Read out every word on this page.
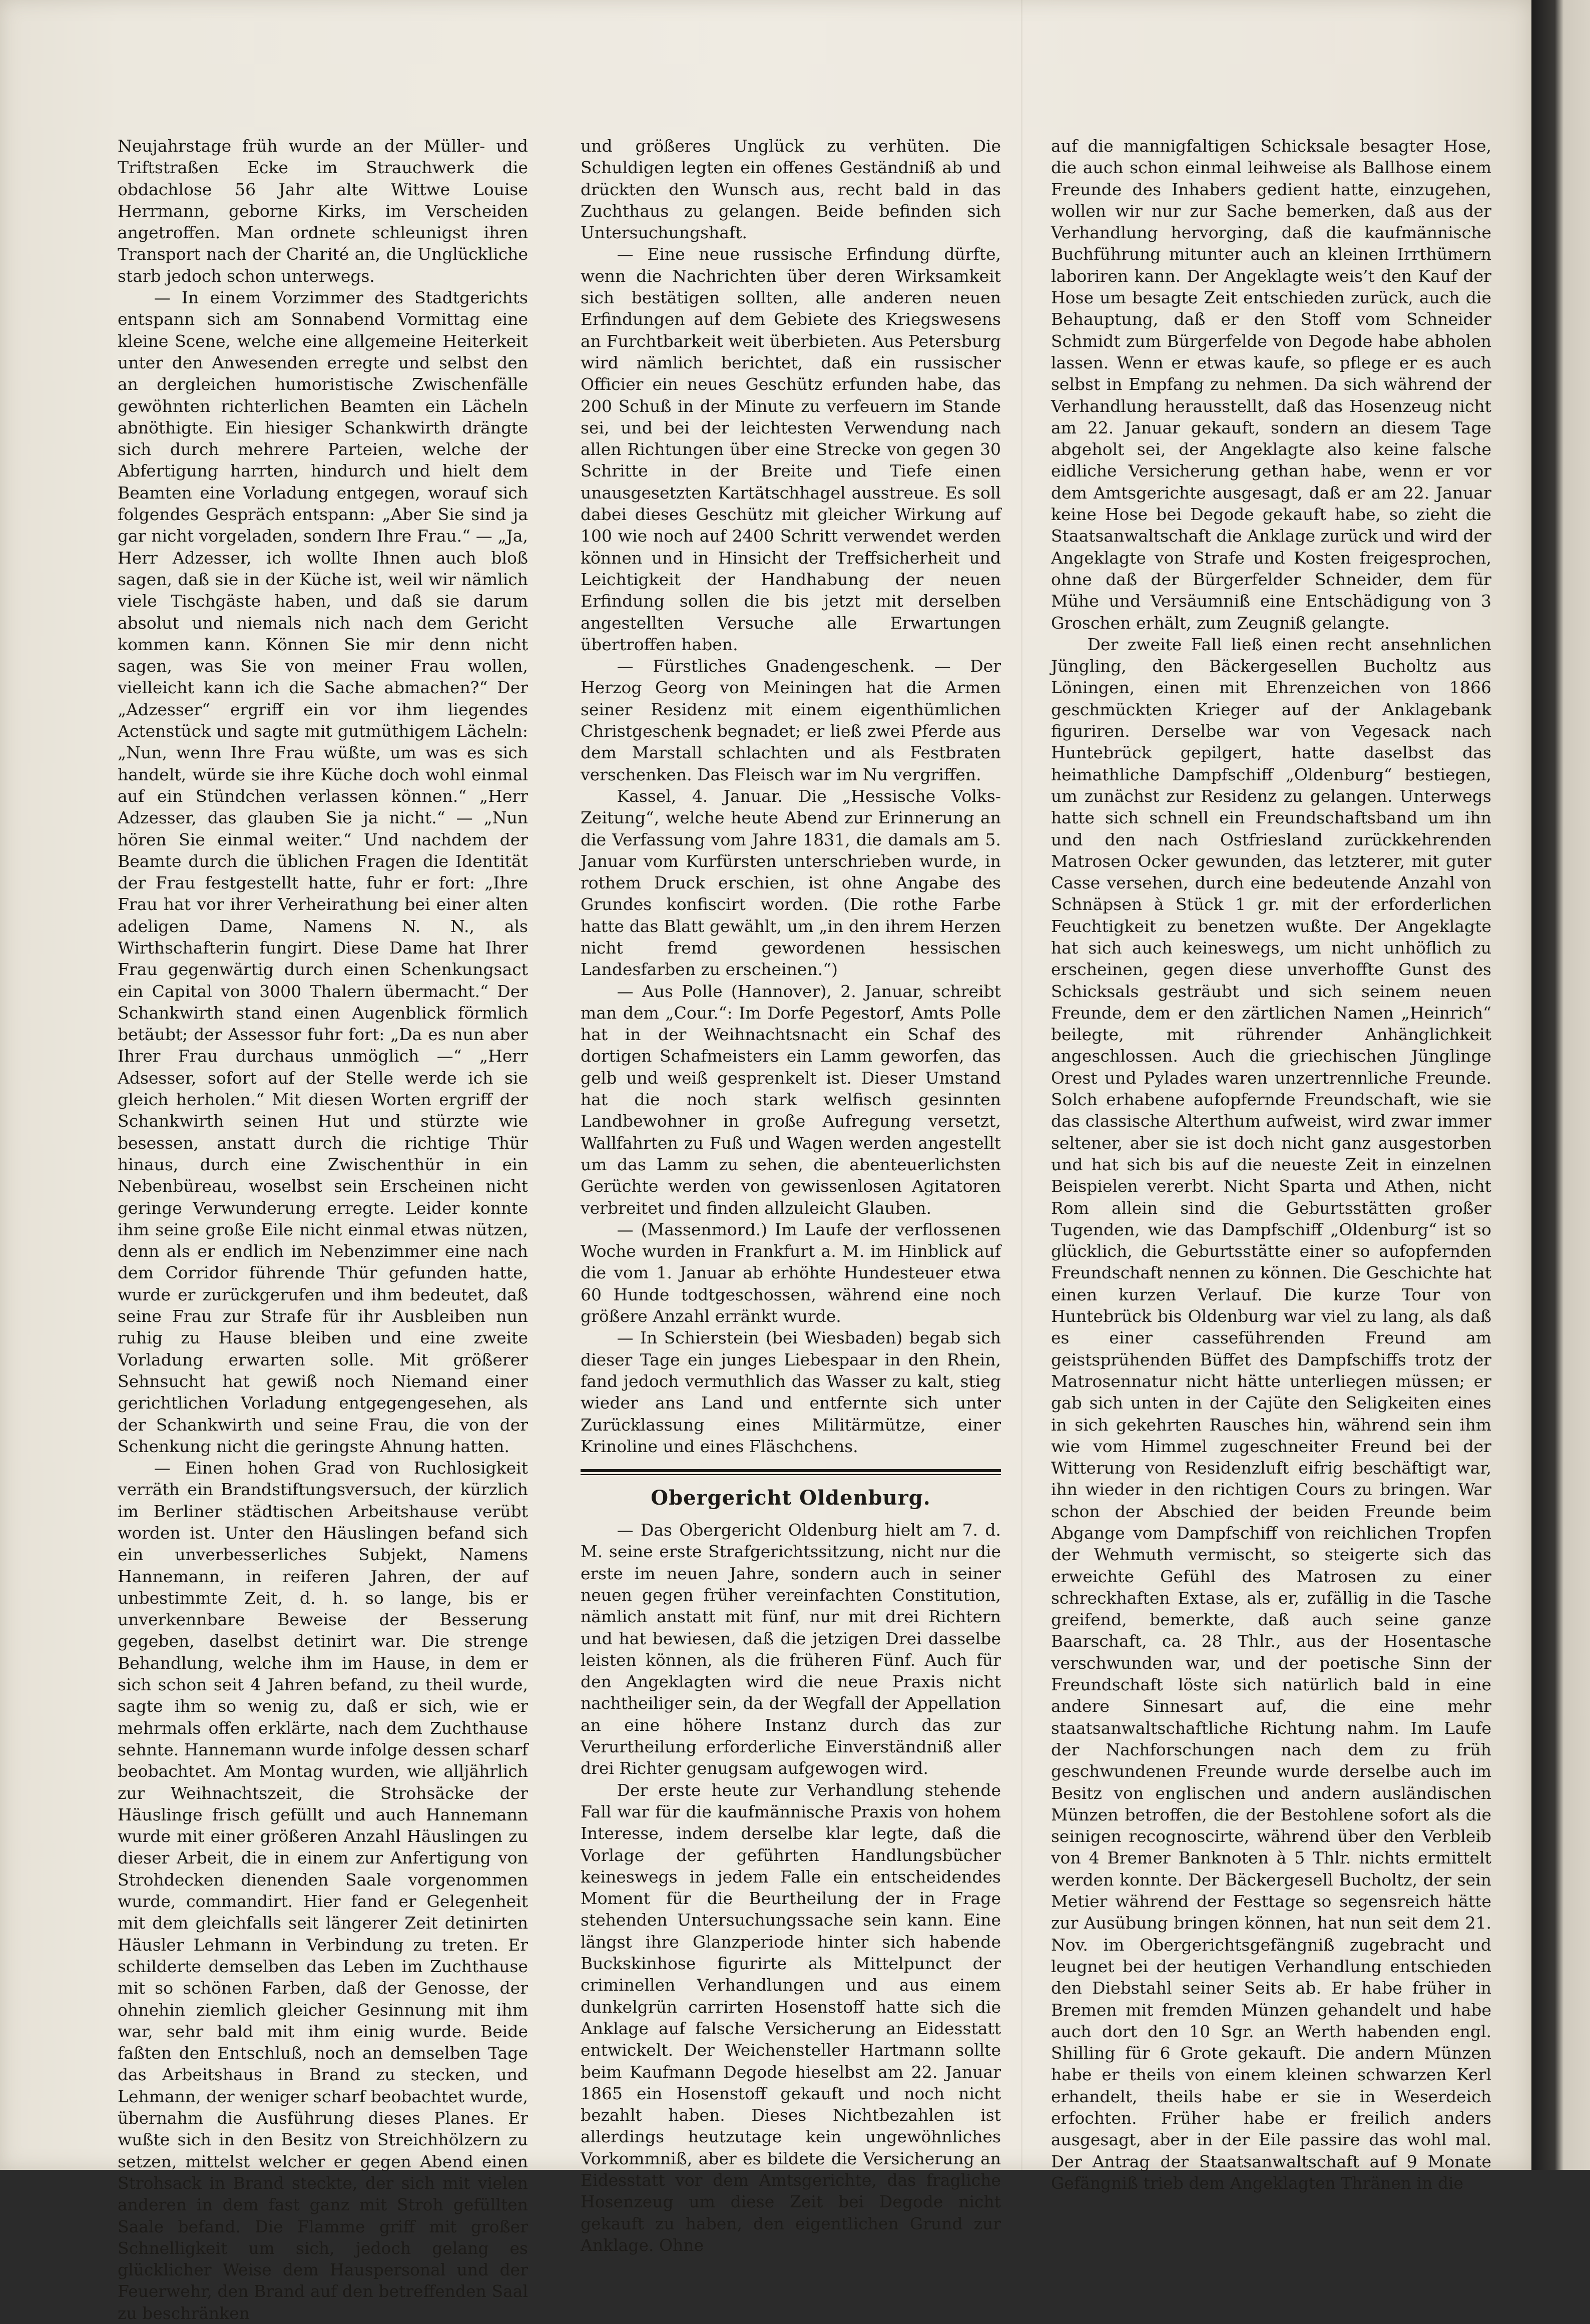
Neujahrstage früh wurde an der Müller- und Triftstraßen Ecke im Strauchwerk die obdachlose 56 Jahr alte Wittwe Louise Herrmann, geborne Kirks, im Verscheiden angetroffen. Man ordnete schleunigst ihren Transport nach der Charité an, die Unglückliche starb jedoch schon unterwegs.

— In einem Vorzimmer des Stadtgerichts entspann sich am Sonnabend Vormittag eine kleine Scene, welche eine allgemeine Heiterkeit unter den Anwesenden erregte und selbst den an dergleichen humoristische Zwischenfälle gewöhnten richterlichen Beamten ein Lächeln abnöthigte. Ein hiesiger Schankwirth drängte sich durch mehrere Parteien, welche der Abfertigung harrten, hindurch und hielt dem Beamten eine Vorladung entgegen, worauf sich folgendes Gespräch entspann: „Aber Sie sind ja gar nicht vorgeladen, sondern Ihre Frau.“ — „Ja, Herr Adzesser, ich wollte Ihnen auch bloß sagen, daß sie in der Küche ist, weil wir nämlich viele Tischgäste haben, und daß sie darum absolut und niemals nich nach dem Gericht kommen kann. Können Sie mir denn nicht sagen, was Sie von meiner Frau wollen, vielleicht kann ich die Sache abmachen?“ Der „Adzesser“ ergriff ein vor ihm liegendes Actenstück und sagte mit gutmüthigem Lächeln: „Nun, wenn Ihre Frau wüßte, um was es sich handelt, würde sie ihre Küche doch wohl einmal auf ein Stündchen verlassen können.“ „Herr Adzesser, das glauben Sie ja nicht.“ — „Nun hören Sie einmal weiter.“ Und nachdem der Beamte durch die üblichen Fragen die Identität der Frau festgestellt hatte, fuhr er fort: „Ihre Frau hat vor ihrer Verheirathung bei einer alten adeligen Dame, Namens N. N., als Wirthschafterin fungirt. Diese Dame hat Ihrer Frau gegenwärtig durch einen Schenkungsact ein Capital von 3000 Thalern übermacht.“ Der Schankwirth stand einen Augenblick förmlich betäubt; der Assessor fuhr fort: „Da es nun aber Ihrer Frau durchaus unmöglich —“ „Herr Adsesser, sofort auf der Stelle werde ich sie gleich herholen.“ Mit diesen Worten ergriff der Schankwirth seinen Hut und stürzte wie besessen, anstatt durch die richtige Thür hinaus, durch eine Zwischenthür in ein Nebenbüreau, woselbst sein Erscheinen nicht geringe Verwunderung erregte. Leider konnte ihm seine große Eile nicht einmal etwas nützen, denn als er endlich im Nebenzimmer eine nach dem Corridor führende Thür gefunden hatte, wurde er zurückgerufen und ihm bedeutet, daß seine Frau zur Strafe für ihr Ausbleiben nun ruhig zu Hause bleiben und eine zweite Vorladung erwarten solle. Mit größerer Sehnsucht hat gewiß noch Niemand einer gerichtlichen Vorladung entgegengesehen, als der Schankwirth und seine Frau, die von der Schenkung nicht die geringste Ahnung hatten.

— Einen hohen Grad von Ruchlosigkeit verräth ein Brandstiftungsversuch, der kürzlich im Berliner städtischen Arbeitshause verübt worden ist. Unter den Häuslingen befand sich ein unverbesserliches Subjekt, Namens Hannemann, in reiferen Jahren, der auf unbestimmte Zeit, d. h. so lange, bis er unverkennbare Beweise der Besserung gegeben, daselbst detinirt war. Die strenge Behandlung, welche ihm im Hause, in dem er sich schon seit 4 Jahren befand, zu theil wurde, sagte ihm so wenig zu, daß er sich, wie er mehrmals offen erklärte, nach dem Zuchthause sehnte. Hannemann wurde infolge dessen scharf beobachtet. Am Montag wurden, wie alljährlich zur Weihnachtszeit, die Strohsäcke der Häuslinge frisch gefüllt und auch Hannemann wurde mit einer größeren Anzahl Häuslingen zu dieser Arbeit, die in einem zur Anfertigung von Strohdecken dienenden Saale vorgenommen wurde, commandirt. Hier fand er Gelegenheit mit dem gleichfalls seit längerer Zeit detinirten Häusler Lehmann in Verbindung zu treten. Er schilderte demselben das Leben im Zuchthause mit so schönen Farben, daß der Genosse, der ohnehin ziemlich gleicher Gesinnung mit ihm war, sehr bald mit ihm einig wurde. Beide faßten den Entschluß, noch an demselben Tage das Arbeitshaus in Brand zu stecken, und Lehmann, der weniger scharf beobachtet wurde, übernahm die Ausführung dieses Planes. Er wußte sich in den Besitz von Streichhölzern zu setzen, mittelst welcher er gegen Abend einen Strohsack in Brand steckte, der sich mit vielen anderen in dem fast ganz mit Stroh gefüllten Saale befand. Die Flamme griff mit großer Schnelligkeit um sich, jedoch gelang es glücklicher Weise dem Hauspersonal und der Feuerwehr, den Brand auf den betreffenden Saal zu beschränken

und größeres Unglück zu verhüten. Die Schuldigen legten ein offenes Geständniß ab und drückten den Wunsch aus, recht bald in das Zuchthaus zu gelangen. Beide befinden sich Untersuchungshaft.

— Eine neue russische Erfindung dürfte, wenn die Nachrichten über deren Wirksamkeit sich bestätigen sollten, alle anderen neuen Erfindungen auf dem Gebiete des Kriegswesens an Furchtbarkeit weit überbieten. Aus Petersburg wird nämlich berichtet, daß ein russischer Officier ein neues Geschütz erfunden habe, das 200 Schuß in der Minute zu verfeuern im Stande sei, und bei der leichtesten Verwendung nach allen Richtungen über eine Strecke von gegen 30 Schritte in der Breite und Tiefe einen unausgesetzten Kartätschhagel ausstreue. Es soll dabei dieses Geschütz mit gleicher Wirkung auf 100 wie noch auf 2400 Schritt verwendet werden können und in Hinsicht der Treffsicherheit und Leichtigkeit der Handhabung der neuen Erfindung sollen die bis jetzt mit derselben angestellten Versuche alle Erwartungen übertroffen haben.

— Fürstliches Gnadengeschenk. — Der Herzog Georg von Meiningen hat die Armen seiner Residenz mit einem eigenthümlichen Christgeschenk begnadet; er ließ zwei Pferde aus dem Marstall schlachten und als Festbraten verschenken. Das Fleisch war im Nu vergriffen.

Kassel, 4. Januar. Die „Hessische Volks-Zeitung“, welche heute Abend zur Erinnerung an die Verfassung vom Jahre 1831, die damals am 5. Januar vom Kurfürsten unterschrieben wurde, in rothem Druck erschien, ist ohne Angabe des Grundes konfiscirt worden. (Die rothe Farbe hatte das Blatt gewählt, um „in den ihrem Herzen nicht fremd gewordenen hessischen Landesfarben zu erscheinen.“)

— Aus Polle (Hannover), 2. Januar, schreibt man dem „Cour.“: Im Dorfe Pegestorf, Amts Polle hat in der Weihnachtsnacht ein Schaf des dortigen Schafmeisters ein Lamm geworfen, das gelb und weiß gesprenkelt ist. Dieser Umstand hat die noch stark welfisch gesinnten Landbewohner in große Aufregung versetzt, Wallfahrten zu Fuß und Wagen werden angestellt um das Lamm zu sehen, die abenteuerlichsten Gerüchte werden von gewissenlosen Agitatoren verbreitet und finden allzuleicht Glauben.

— (Massenmord.) Im Laufe der verflossenen Woche wurden in Frankfurt a. M. im Hinblick auf die vom 1. Januar ab erhöhte Hundesteuer etwa 60 Hunde todtgeschossen, während eine noch größere Anzahl erränkt wurde.

— In Schierstein (bei Wiesbaden) begab sich dieser Tage ein junges Liebespaar in den Rhein, fand jedoch vermuthlich das Wasser zu kalt, stieg wieder ans Land und entfernte sich unter Zurücklassung eines Militärmütze, einer Krinoline und eines Fläschchens.

Obergericht Oldenburg.

— Das Obergericht Oldenburg hielt am 7. d. M. seine erste Strafgerichtssitzung, nicht nur die erste im neuen Jahre, sondern auch in seiner neuen gegen früher vereinfachten Constitution, nämlich anstatt mit fünf, nur mit drei Richtern und hat bewiesen, daß die jetzigen Drei dasselbe leisten können, als die früheren Fünf. Auch für den Angeklagten wird die neue Praxis nicht nachtheiliger sein, da der Wegfall der Appellation an eine höhere Instanz durch das zur Verurtheilung erforderliche Einverständniß aller drei Richter genugsam aufgewogen wird.

Der erste heute zur Verhandlung stehende Fall war für die kaufmännische Praxis von hohem Interesse, indem derselbe klar legte, daß die Vorlage der geführten Handlungsbücher keineswegs in jedem Falle ein entscheidendes Moment für die Beurtheilung der in Frage stehenden Untersuchungssache sein kann. Eine längst ihre Glanzperiode hinter sich habende Buckskinhose figurirte als Mittelpunct der criminellen Verhandlungen und aus einem dunkelgrün carrirten Hosenstoff hatte sich die Anklage auf falsche Versicherung an Eidesstatt entwickelt. Der Weichensteller Hartmann sollte beim Kaufmann Degode hieselbst am 22. Januar 1865 ein Hosenstoff gekauft und noch nicht bezahlt haben. Dieses Nichtbezahlen ist allerdings heutzutage kein ungewöhnliches Vorkommniß, aber es bildete die Versicherung an Eidesstatt vor dem Amtsgerichte, das fragliche Hosenzeug um diese Zeit bei Degode nicht gekauft zu haben, den eigentlichen Grund zur Anklage. Ohne

auf die mannigfaltigen Schicksale besagter Hose, die auch schon einmal leihweise als Ballhose einem Freunde des Inhabers gedient hatte, einzugehen, wollen wir nur zur Sache bemerken, daß aus der Verhandlung hervorging, daß die kaufmännische Buchführung mitunter auch an kleinen Irrthümern laboriren kann. Der Angeklagte weis’t den Kauf der Hose um besagte Zeit entschieden zurück, auch die Behauptung, daß er den Stoff vom Schneider Schmidt zum Bürgerfelde von Degode habe abholen lassen. Wenn er etwas kaufe, so pflege er es auch selbst in Empfang zu nehmen. Da sich während der Verhandlung herausstellt, daß das Hosenzeug nicht am 22. Januar gekauft, sondern an diesem Tage abgeholt sei, der Angeklagte also keine falsche eidliche Versicherung gethan habe, wenn er vor dem Amtsgerichte ausgesagt, daß er am 22. Januar keine Hose bei Degode gekauft habe, so zieht die Staatsanwaltschaft die Anklage zurück und wird der Angeklagte von Strafe und Kosten freigesprochen, ohne daß der Bürgerfelder Schneider, dem für Mühe und Versäumniß eine Entschädigung von 3 Groschen erhält, zum Zeugniß gelangte.

Der zweite Fall ließ einen recht ansehnlichen Jüngling, den Bäckergesellen Bucholtz aus Löningen, einen mit Ehrenzeichen von 1866 geschmückten Krieger auf der Anklagebank figuriren. Derselbe war von Vegesack nach Huntebrück gepilgert, hatte daselbst das heimathliche Dampfschiff „Oldenburg“ bestiegen, um zunächst zur Residenz zu gelangen. Unterwegs hatte sich schnell ein Freundschaftsband um ihn und den nach Ostfriesland zurückkehrenden Matrosen Ocker gewunden, das letzterer, mit guter Casse versehen, durch eine bedeutende Anzahl von Schnäpsen à Stück 1 gr. mit der erforderlichen Feuchtigkeit zu benetzen wußte. Der Angeklagte hat sich auch keineswegs, um nicht unhöflich zu erscheinen, gegen diese unverhoffte Gunst des Schicksals gesträubt und sich seinem neuen Freunde, dem er den zärtlichen Namen „Heinrich“ beilegte, mit rührender Anhänglichkeit angeschlossen. Auch die griechischen Jünglinge Orest und Pylades waren unzertrennliche Freunde. Solch erhabene aufopfernde Freundschaft, wie sie das classische Alterthum aufweist, wird zwar immer seltener, aber sie ist doch nicht ganz ausgestorben und hat sich bis auf die neueste Zeit in einzelnen Beispielen vererbt. Nicht Sparta und Athen, nicht Rom allein sind die Geburtsstätten großer Tugenden, wie das Dampfschiff „Oldenburg“ ist so glücklich, die Geburtsstätte einer so aufopfernden Freundschaft nennen zu können. Die Geschichte hat einen kurzen Verlauf. Die kurze Tour von Huntebrück bis Oldenburg war viel zu lang, als daß es einer casseführenden Freund am geistsprühenden Büffet des Dampfschiffs trotz der Matrosennatur nicht hätte unterliegen müssen; er gab sich unten in der Cajüte den Seligkeiten eines in sich gekehrten Rausches hin, während sein ihm wie vom Himmel zugeschneiter Freund bei der Witterung von Residenzluft eifrig beschäftigt war, ihn wieder in den richtigen Cours zu bringen. War schon der Abschied der beiden Freunde beim Abgange vom Dampfschiff von reichlichen Tropfen der Wehmuth vermischt, so steigerte sich das erweichte Gefühl des Matrosen zu einer schreckhaften Extase, als er, zufällig in die Tasche greifend, bemerkte, daß auch seine ganze Baarschaft, ca. 28 Thlr., aus der Hosentasche verschwunden war, und der poetische Sinn der Freundschaft löste sich natürlich bald in eine andere Sinnesart auf, die eine mehr staatsanwaltschaftliche Richtung nahm. Im Laufe der Nachforschungen nach dem zu früh geschwundenen Freunde wurde derselbe auch im Besitz von englischen und andern ausländischen Münzen betroffen, die der Bestohlene sofort als die seinigen recognoscirte, während über den Verbleib von 4 Bremer Banknoten à 5 Thlr. nichts ermittelt werden konnte. Der Bäckergesell Bucholtz, der sein Metier während der Festtage so segensreich hätte zur Ausübung bringen können, hat nun seit dem 21. Nov. im Obergerichtsgefängniß zugebracht und leugnet bei der heutigen Verhandlung entschieden den Diebstahl seiner Seits ab. Er habe früher in Bremen mit fremden Münzen gehandelt und habe auch dort den 10 Sgr. an Werth habenden engl. Shilling für 6 Grote gekauft. Die andern Münzen habe er theils von einem kleinen schwarzen Kerl erhandelt, theils habe er sie in Weserdeich erfochten. Früher habe er freilich anders ausgesagt, aber in der Eile passire das wohl mal. Der Antrag der Staatsanwaltschaft auf 9 Monate Gefängniß trieb dem Angeklagten Thränen in die
